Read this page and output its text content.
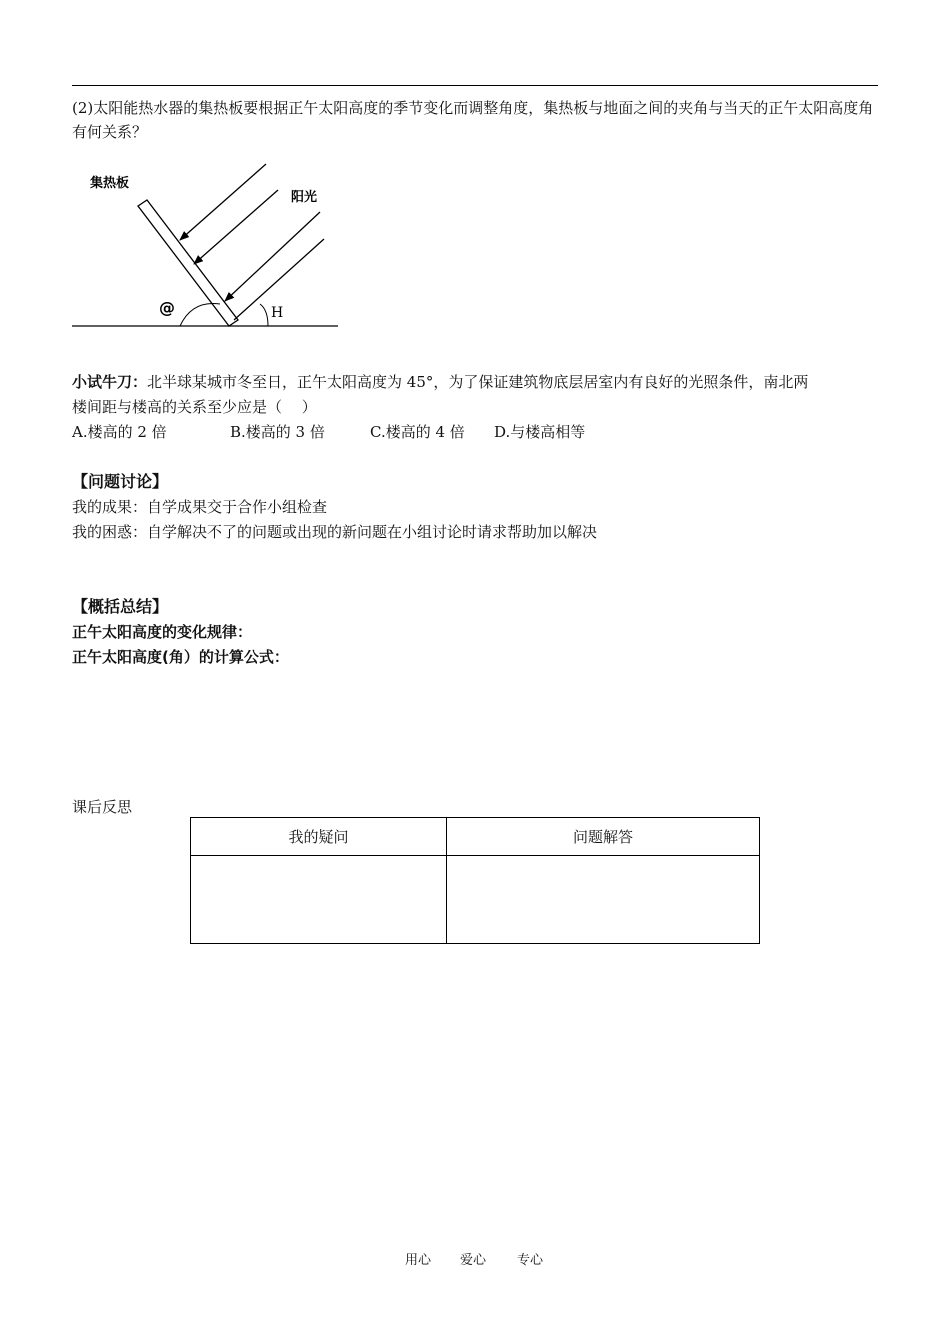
(2)太阳能热水器的集热板要根据正午太阳高度的季节变化而调整角度，集热板与地面之间的夹角与当天的正午太阳高度角有何关系？
集热板
阳光
@	H
小试牛刀：北半球某城市冬至日，正午太阳高度为 45°，为了保证建筑物底层居室内有良好的光照条件，南北两
楼间距与楼高的关系至少应是（　 ）
A.楼高的 2 倍	B.楼高的 3 倍	C.楼高的 4 倍 D.与楼高相等
【问题讨论】
我的成果：自学成果交于合作小组检查
我的困惑：自学解决不了的问题或出现的新问题在小组讨论时请求帮助加以解决
【概括总结】
正午太阳高度的变化规律：
正午太阳高度(角）的计算公式：
课后反思
我的疑问	问题解答

用心 爱心 专心
